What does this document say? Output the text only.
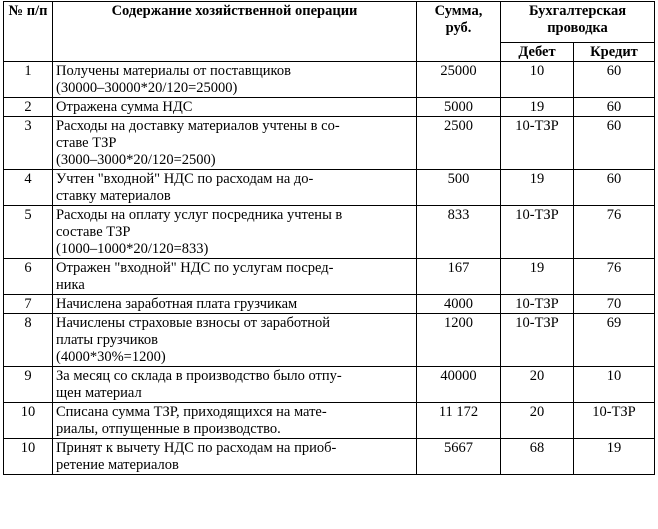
№ п/п	Содержание хозяйственной операции	Сумма, руб.	Бухгалтерская проводка	
			Дебет	Кредит
1	Получены материалы от поставщиков
(30000–30000*20/120=25000)	25000	10	60
2	Отражена сумма НДС	5000	19	60
3	Расходы на доставку материалов учтены в со-
ставе ТЗР
(3000–3000*20/120=2500)	2500	10-ТЗР	60
4	Учтен "входной" НДС по расходам на до-
ставку материалов	500	19	60
5	Расходы на оплату услуг посредника учтены в
составе ТЗР
(1000–1000*20/120=833)	833	10-ТЗР	76
6	Отражен "входной" НДС по услугам посред-
ника	167	19	76
7	Начислена заработная плата грузчикам	4000	10-ТЗР	70
8	Начислены страховые взносы от заработной
платы грузчиков
(4000*30%=1200)	1200	10-ТЗР	69
9	За месяц со склада в производство было отпу-
щен материал	40000	20	10
10	Списана сумма ТЗР, приходящихся на мате-
риалы, отпущенные в производство.	11 172	20	10-ТЗР
10	Принят к вычету НДС по расходам на приоб-
ретение материалов	5667	68	19
